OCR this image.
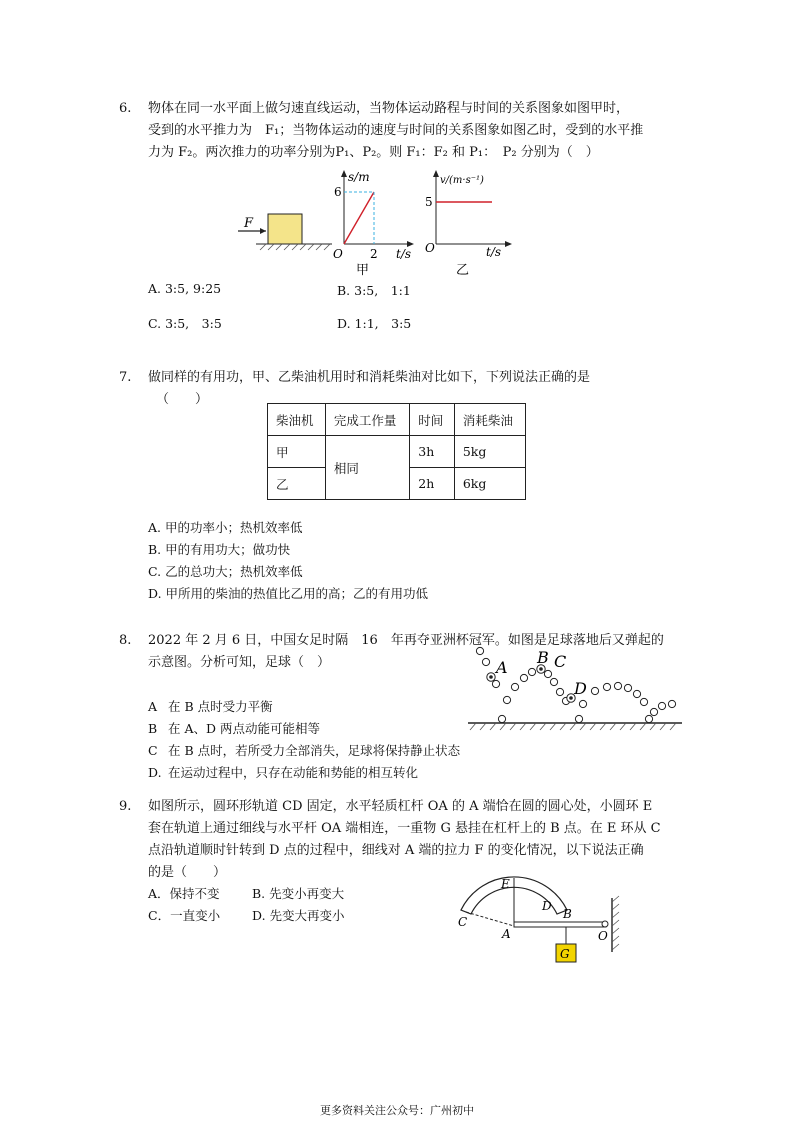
6. 物体在同一水平面上做匀速直线运动，当物体运动路程与时间的关系图象如图甲时，
受到的水平推力为　F₁；当物体运动的速度与时间的关系图象如图乙时，受到的水平推
力为 F₂。两次推力的功率分别为P₁、P₂。则 F₁：F₂ 和 P₁：　P₂ 分别为（　）
F
s/m
6
O 2 t/s
甲
v/(m·s⁻¹)
5
O	t/s
乙
A. 3:5, 9:25	B. 3:5,　1:1
C. 3:5,　3:5	D. 1:1,　3:5
7. 做同样的有用功，甲、乙柴油机用时和消耗柴油对比如下，下列说法正确的是
（　　）
柴油机	完成工作量	时间	消耗柴油
甲	相同	3h	5kg
乙		2h	6kg
A. 甲的功率小；热机效率低
B. 甲的有用功大；做功快
C. 乙的总功大；热机效率低
D. 甲所用的柴油的热值比乙用的高；乙的有用功低
8. 2022 年 2 月 6 日，中国女足时隔　16　年再夺亚洲杯冠军。如图是足球落地后又弹起的
示意图。分析可知，足球（　）	A
B C
D
A 在 B 点时受力平衡
B 在 A、D 两点动能可能相等
C 在 B 点时，若所受力全部消失，足球将保持静止状态
D. 在运动过程中，只存在动能和势能的相互转化
9. 如图所示，圆环形轨道 CD 固定，水平轻质杠杆 OA 的 A 端恰在圆的圆心处，小圆环 E
套在轨道上通过细线与水平杆 OA 端相连，一重物 G 悬挂在杠杆上的 B 点。在 E 环从 C
点沿轨道顺时针转到 D 点的过程中，细线对 A 端的拉力 F 的变化情况，以下说法正确
的是（　　）
A．保持不变	B. 先变小再变大
C．一直变小	D. 先变大再变小
G
E
C
D
B
A	O
更多资料关注公众号：广州初中
